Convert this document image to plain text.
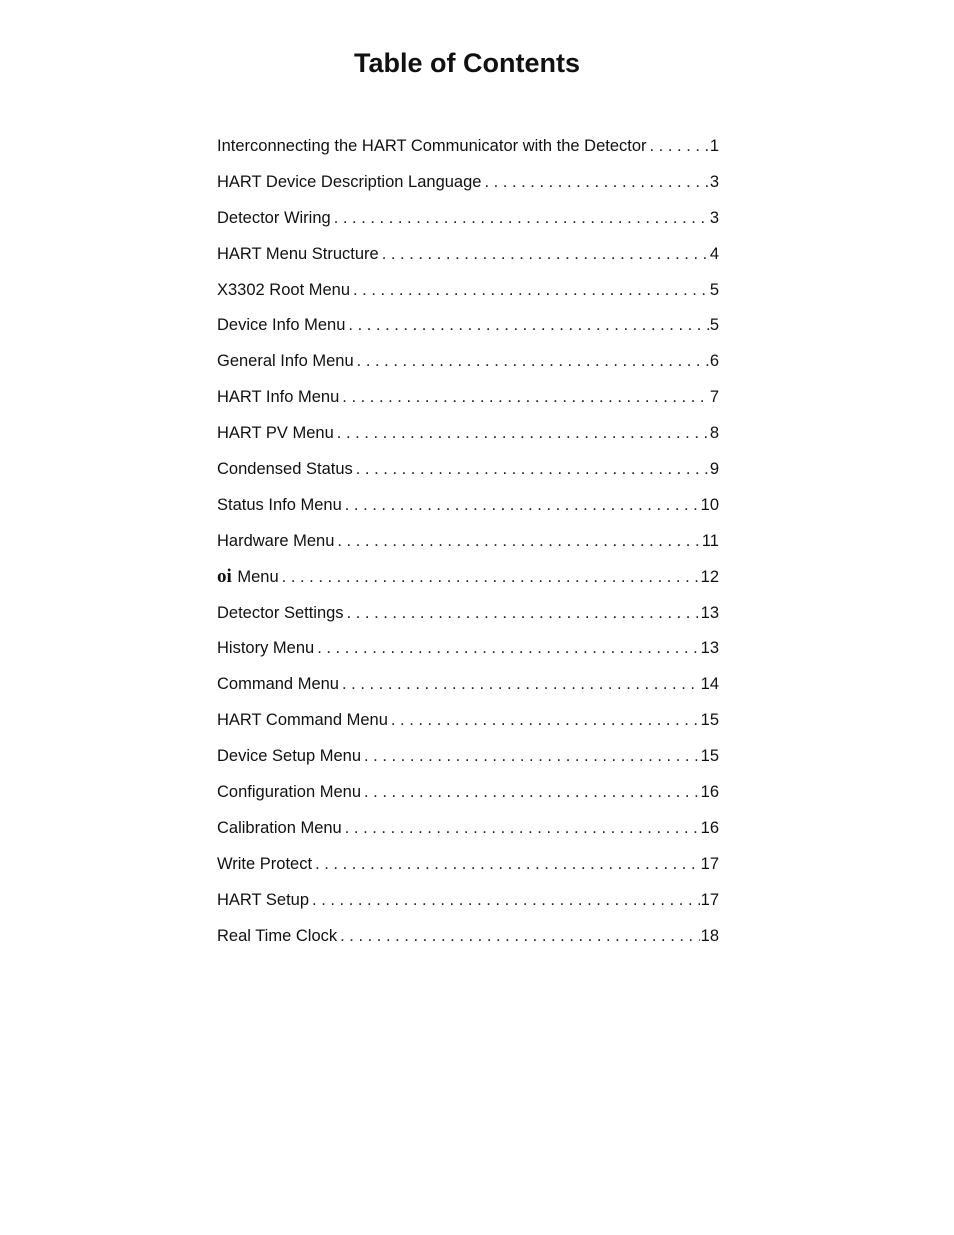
Table of Contents
Interconnecting the HART Communicator with the Detector . . .	1
HART Device Description Language . . .	3
Detector Wiring . . .	3
HART Menu Structure . . .	4
X3302 Root Menu . . .	5
Device Info Menu . . .	5
General Info Menu . . .	6
HART Info Menu . . .	7
HART PV Menu . . .	8
Condensed Status . . .	9
Status Info Menu . . .	10
Hardware Menu . . .	11
oi Menu . . .	12
Detector Settings . . .	13
History Menu . . .	13
Command Menu . . .	14
HART Command Menu . . .	15
Device Setup Menu . . .	15
Configuration Menu . . .	16
Calibration Menu . . .	16
Write Protect . . .	17
HART Setup . . .	17
Real Time Clock . . .	18
